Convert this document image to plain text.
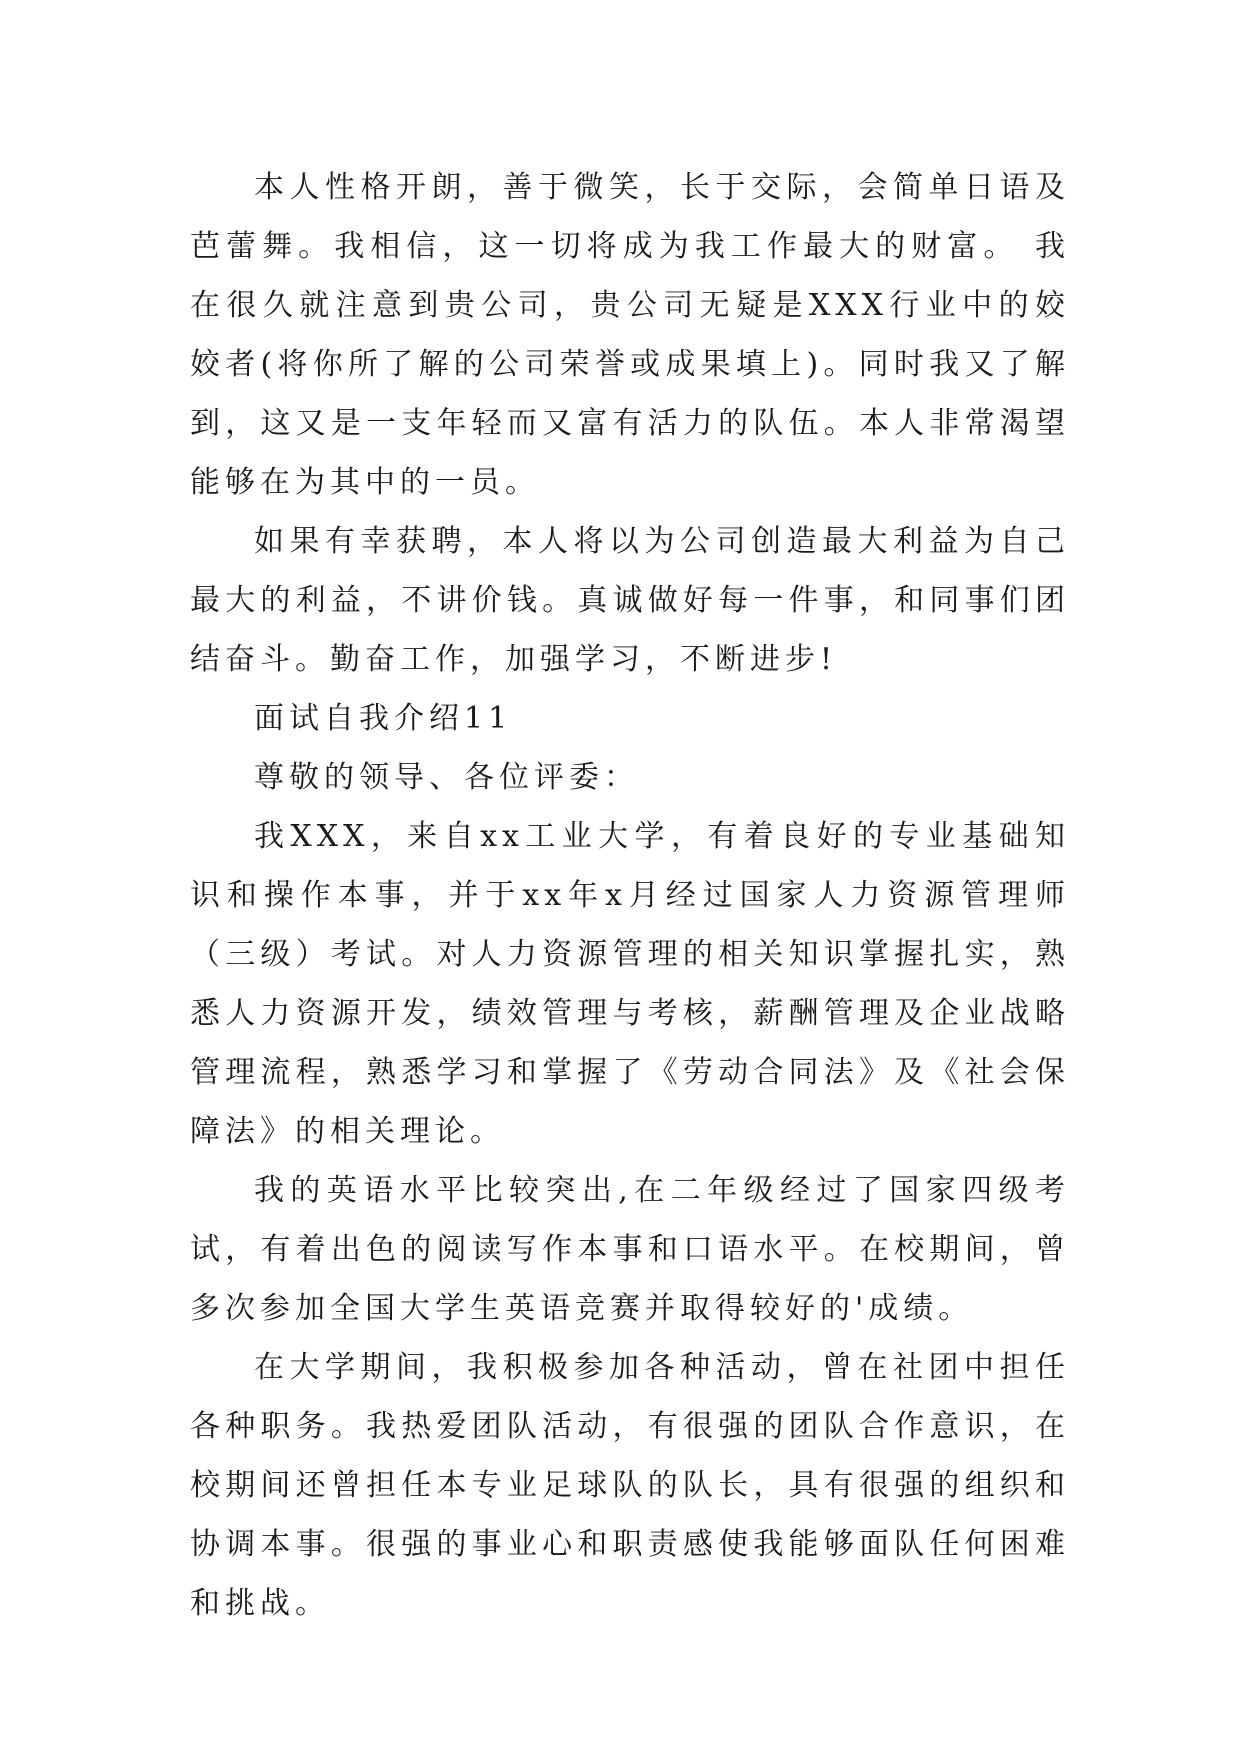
本人性格开朗，善于微笑，长于交际，会简单日语及芭蕾舞。我相信，这一切将成为我工作最大的财富。 我在很久就注意到贵公司，贵公司无疑是XXX行业中的姣姣者(将你所了解的公司荣誉或成果填上)。同时我又了解到，这又是一支年轻而又富有活力的队伍。本人非常渴望能够在为其中的一员。

如果有幸获聘，本人将以为公司创造最大利益为自己最大的利益，不讲价钱。真诚做好每一件事，和同事们团结奋斗。勤奋工作，加强学习，不断进步!

面试自我介绍11

尊敬的领导、各位评委：

我XXX，来自xx工业大学，有着良好的专业基础知识和操作本事，并于xx年x月经过国家人力资源管理师（三级）考试。对人力资源管理的相关知识掌握扎实，熟悉人力资源开发，绩效管理与考核，薪酬管理及企业战略管理流程，熟悉学习和掌握了《劳动合同法》及《社会保障法》的相关理论。

我的英语水平比较突出,在二年级经过了国家四级考试，有着出色的阅读写作本事和口语水平。在校期间，曾多次参加全国大学生英语竞赛并取得较好的'成绩。

在大学期间，我积极参加各种活动，曾在社团中担任各种职务。我热爱团队活动，有很强的团队合作意识，在校期间还曾担任本专业足球队的队长，具有很强的组织和协调本事。很强的事业心和职责感使我能够面队任何困难和挑战。
